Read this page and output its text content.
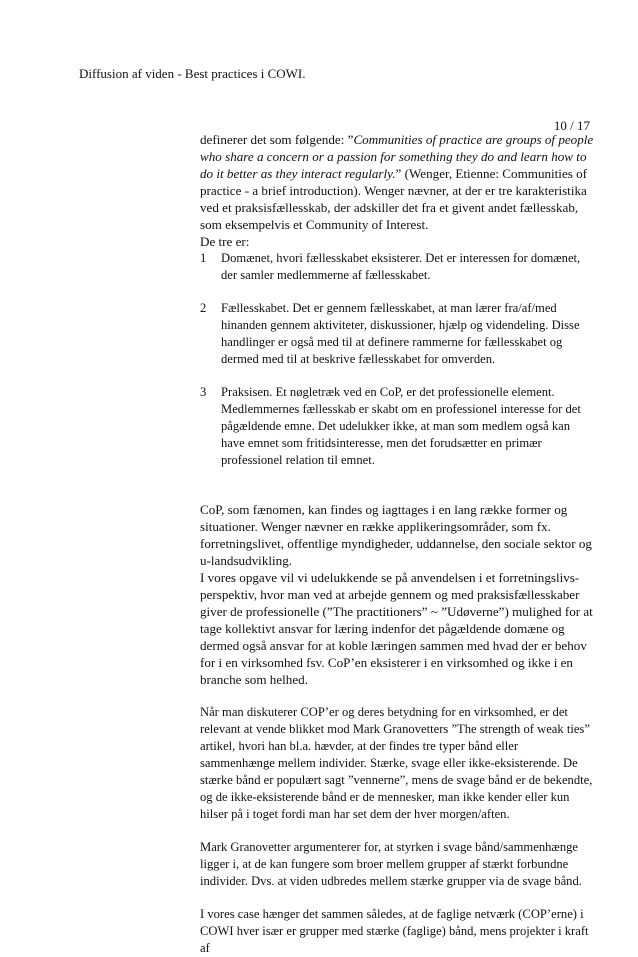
Diffusion af viden - Best practices i COWI.
10 / 17

definerer det som følgende: ”Communities of practice are groups of people who share a concern or a passion for something they do and learn how to do it better as they interact regularly.” (Wenger, Etienne: Communities of practice - a brief introduction). Wenger nævner, at der er tre karakteristika ved et praksisfællesskab, der adskiller det fra et givent andet fællesskab, som eksempelvis et Community of Interest.

De tre er:

1	Domænet, hvori fællesskabet eksisterer. Det er interessen for domænet, der samler medlemmerne af fællesskabet.
2	Fællesskabet. Det er gennem fællesskabet, at man lærer fra/af/med hinanden gennem aktiviteter, diskussioner, hjælp og videndeling. Disse handlinger er også med til at definere rammerne for fællesskabet og dermed med til at beskrive fællesskabet for omverden.
3	Praksisen. Et nøgletræk ved en CoP, er det professionelle element. Medlemmernes fællesskab er skabt om en professionel interesse for det pågældende emne. Det udelukker ikke, at man som medlem også kan have emnet som fritidsinteresse, men det forudsætter en primær professionel relation til emnet.

CoP, som fænomen, kan findes og iagttages i en lang række former og situationer. Wenger nævner en række applikeringsområder, som fx. forretningslivet, offentlige myndigheder, uddannelse, den sociale sektor og u-landsudvikling.

I vores opgave vil vi udelukkende se på anvendelsen i et forretningslivs-perspektiv, hvor man ved at arbejde gennem og med praksisfællesskaber giver de professionelle (”The practitioners” ~ ”Udøverne”) mulighed for at tage kollektivt ansvar for læring indenfor det pågældende domæne og dermed også ansvar for at koble læringen sammen med hvad der er behov for i en virksomhed fsv. CoP’en eksisterer i en virksomhed og ikke i en branche som helhed.

Når man diskuterer COP’er og deres betydning for en virksomhed, er det relevant at vende blikket mod Mark Granovetters ”The strength of weak ties” artikel, hvori han bl.a. hævder, at der findes tre typer bånd eller sammenhænge mellem individer. Stærke, svage eller ikke-eksisterende. De stærke bånd er populært sagt ”vennerne”, mens de svage bånd er de bekendte, og de ikke-eksisterende bånd er de mennesker, man ikke kender eller kun hilser på i toget fordi man har set dem der hver morgen/aften.

Mark Granovetter argumenterer for, at styrken i svage bånd/sammenhænge ligger i, at de kan fungere som broer mellem grupper af stærkt forbundne individer. Dvs. at viden udbredes mellem stærke grupper via de svage bånd.

I vores case hænger det sammen således, at de faglige netværk (COP’erne) i COWI hver især er grupper med stærke (faglige) bånd, mens projekter i kraft af
